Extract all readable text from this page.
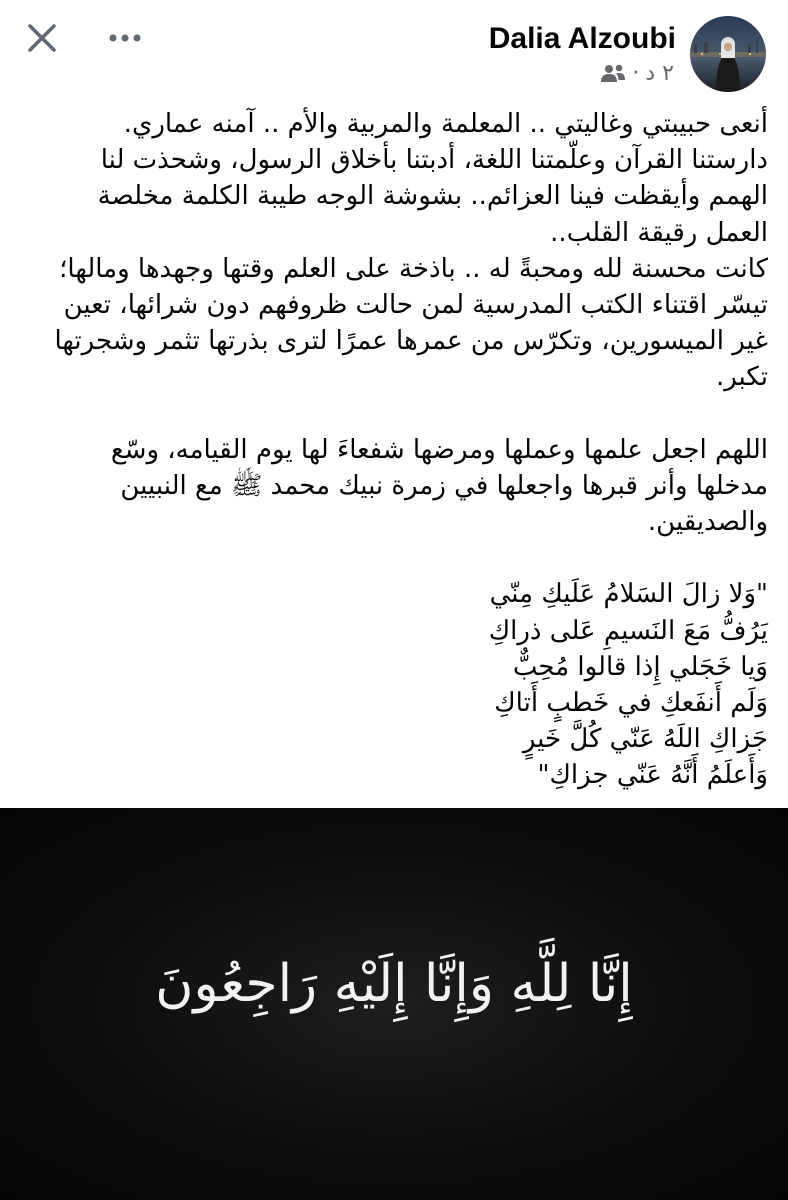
Dalia Alzoubi
· ٢ د
أنعى حبيبتي وغاليتي .. المعلمة والمربية والأم .. آمنه عماري.
دارستنا القرآن وعلّمتنا اللغة، أدبتنا بأخلاق الرسول، وشحذت لنا
الهمم وأيقظت فينا العزائم.. بشوشة الوجه طيبة الكلمة مخلصة
العمل رقيقة القلب..
كانت محسنة لله ومحبةً له .. باذخة على العلم وقتها وجهدها ومالها؛
تيسّر اقتناء الكتب المدرسية لمن حالت ظروفهم دون شرائها، تعين
غير الميسورين، وتكرّس من عمرها عمرًا لترى بذرتها تثمر وشجرتها
تكبر.
اللهم اجعل علمها وعملها ومرضها شفعاءَ لها يوم القيامه، وسّع
مدخلها وأنر قبرها واجعلها في زمرة نبيك محمد ﷺ مع النبيين
والصديقين.
"وَلا زالَ السَلامُ عَلَيكِ مِنّي
يَرُفُّ مَعَ النَسيمِ عَلى ذراكِ
وَيا خَجَلي إِذا قالوا مُحِبٌّ
وَلَم أَنفَعكِ في خَطبٍ أَتاكِ
جَزاكِ اللَهُ عَنّي كُلَّ خَيرٍ
وَأَعلَمُ أَنَّهُ عَنّي جزاكِ"
إِنَّا لِلَّهِ وَإِنَّا إِلَيْهِ رَاجِعُونَ
